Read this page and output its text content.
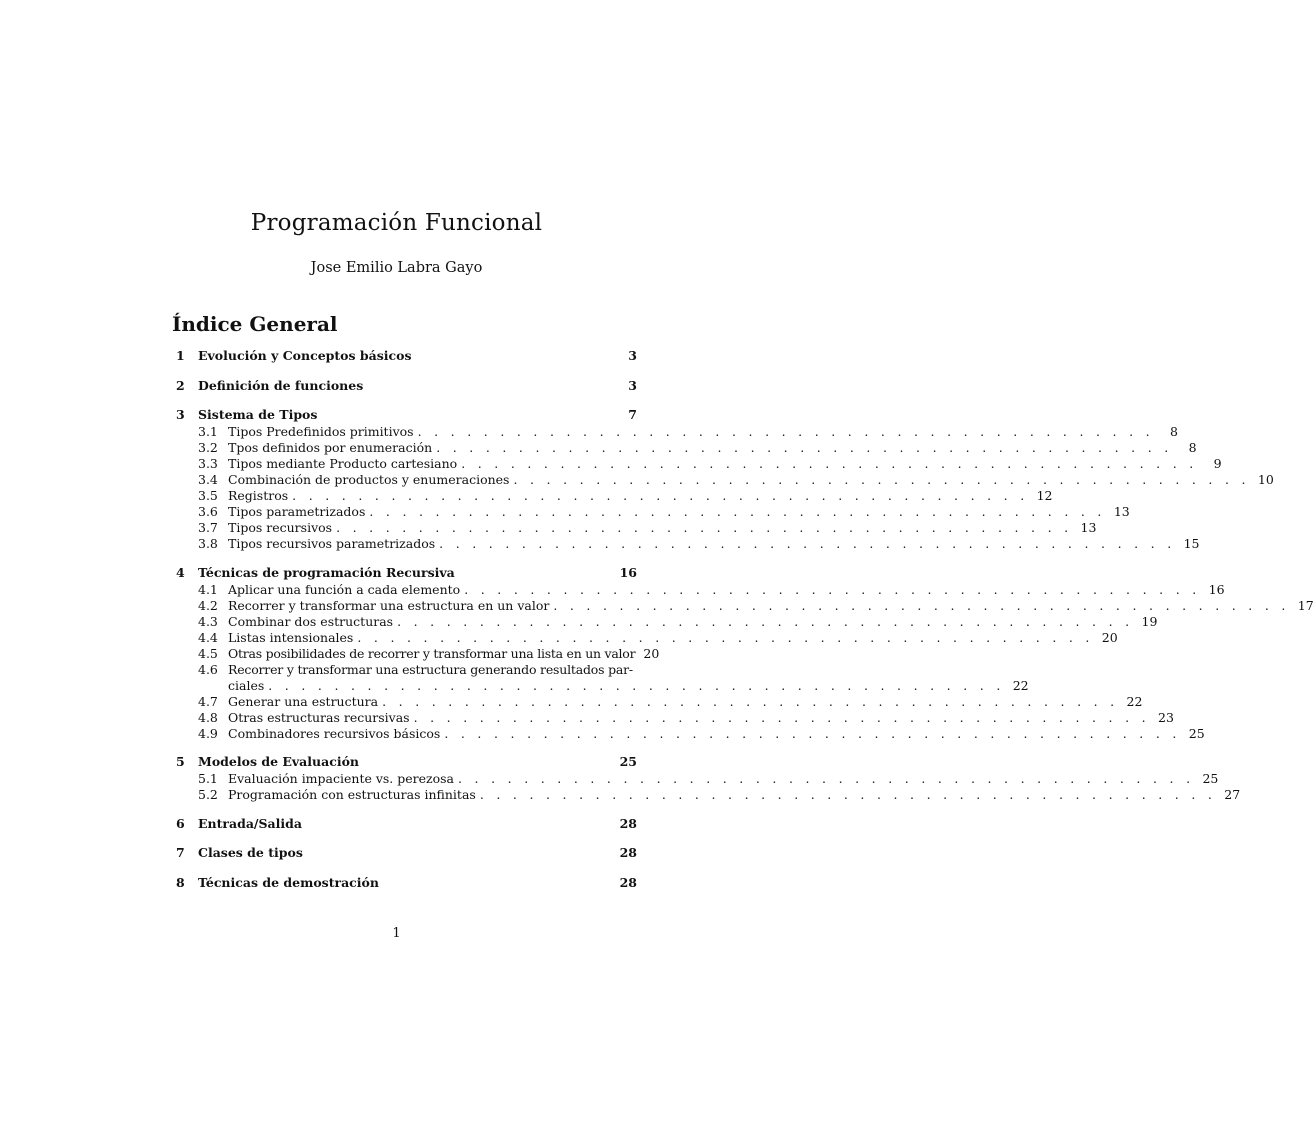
Programación Funcional
Jose Emilio Labra Gayo
Índice General
1	Evolución y Conceptos básicos	3
2	Definición de funciones	3
3	Sistema de Tipos	7
3.1 Tipos Predefinidos primitivos . . . . . . . . . . . . . . . . . . . . . . . . . . . . . . . . . . . . . . . . . . . . .	8
3.2 Tpos definidos por enumeración . . . . . . . . . . . . . . . . . . . . . . . . . . . . . . . . . . . . . . . . . . . . .	8
3.3 Tipos mediante Producto cartesiano . . . . . . . . . . . . . . . . . . . . . . . . . . . . . . . . . . . . . . . . . . . . .	9
3.4 Combinación de productos y enumeraciones . . . . . . . . . . . . . . . . . . . . . . . . . . . . . . . . . . . . . . . . . . . . . 10
3.5 Registros . . . . . . . . . . . . . . . . . . . . . . . . . . . . . . . . . . . . . . . . . . . . . 12
3.6 Tipos parametrizados . . . . . . . . . . . . . . . . . . . . . . . . . . . . . . . . . . . . . . . . . . . . . 13
3.7 Tipos recursivos . . . . . . . . . . . . . . . . . . . . . . . . . . . . . . . . . . . . . . . . . . . . . 13
3.8 Tipos recursivos parametrizados . . . . . . . . . . . . . . . . . . . . . . . . . . . . . . . . . . . . . . . . . . . . . 15
4	Técnicas de programación Recursiva	16
4.1 Aplicar una función a cada elemento . . . . . . . . . . . . . . . . . . . . . . . . . . . . . . . . . . . . . . . . . . . . . 16
4.2 Recorrer y transformar una estructura en un valor . . . . . . . . . . . . . . . . . . . . . . . . . . . . . . . . . . . . . . . . . . . . . 17
4.3 Combinar dos estructuras . . . . . . . . . . . . . . . . . . . . . . . . . . . . . . . . . . . . . . . . . . . . . 19
4.4 Listas intensionales . . . . . . . . . . . . . . . . . . . . . . . . . . . . . . . . . . . . . . . . . . . . . 20
4.5 Otras posibilidades de recorrer y transformar una lista en un valor 20
4.6 Recorrer y transformar una estructura generando resultados par-
ciales . . . . . . . . . . . . . . . . . . . . . . . . . . . . . . . . . . . . . . . . . . . . . 22
4.7 Generar una estructura . . . . . . . . . . . . . . . . . . . . . . . . . . . . . . . . . . . . . . . . . . . . . 22
4.8 Otras estructuras recursivas . . . . . . . . . . . . . . . . . . . . . . . . . . . . . . . . . . . . . . . . . . . . . 23
4.9 Combinadores recursivos básicos . . . . . . . . . . . . . . . . . . . . . . . . . . . . . . . . . . . . . . . . . . . . . 25
5	Modelos de Evaluación	25
5.1 Evaluación impaciente vs. perezosa . . . . . . . . . . . . . . . . . . . . . . . . . . . . . . . . . . . . . . . . . . . . . 25
5.2 Programación con estructuras infinitas . . . . . . . . . . . . . . . . . . . . . . . . . . . . . . . . . . . . . . . . . . . . . 27
6	Entrada/Salida	28
7	Clases de tipos	28
8	Técnicas de demostración	28
1
